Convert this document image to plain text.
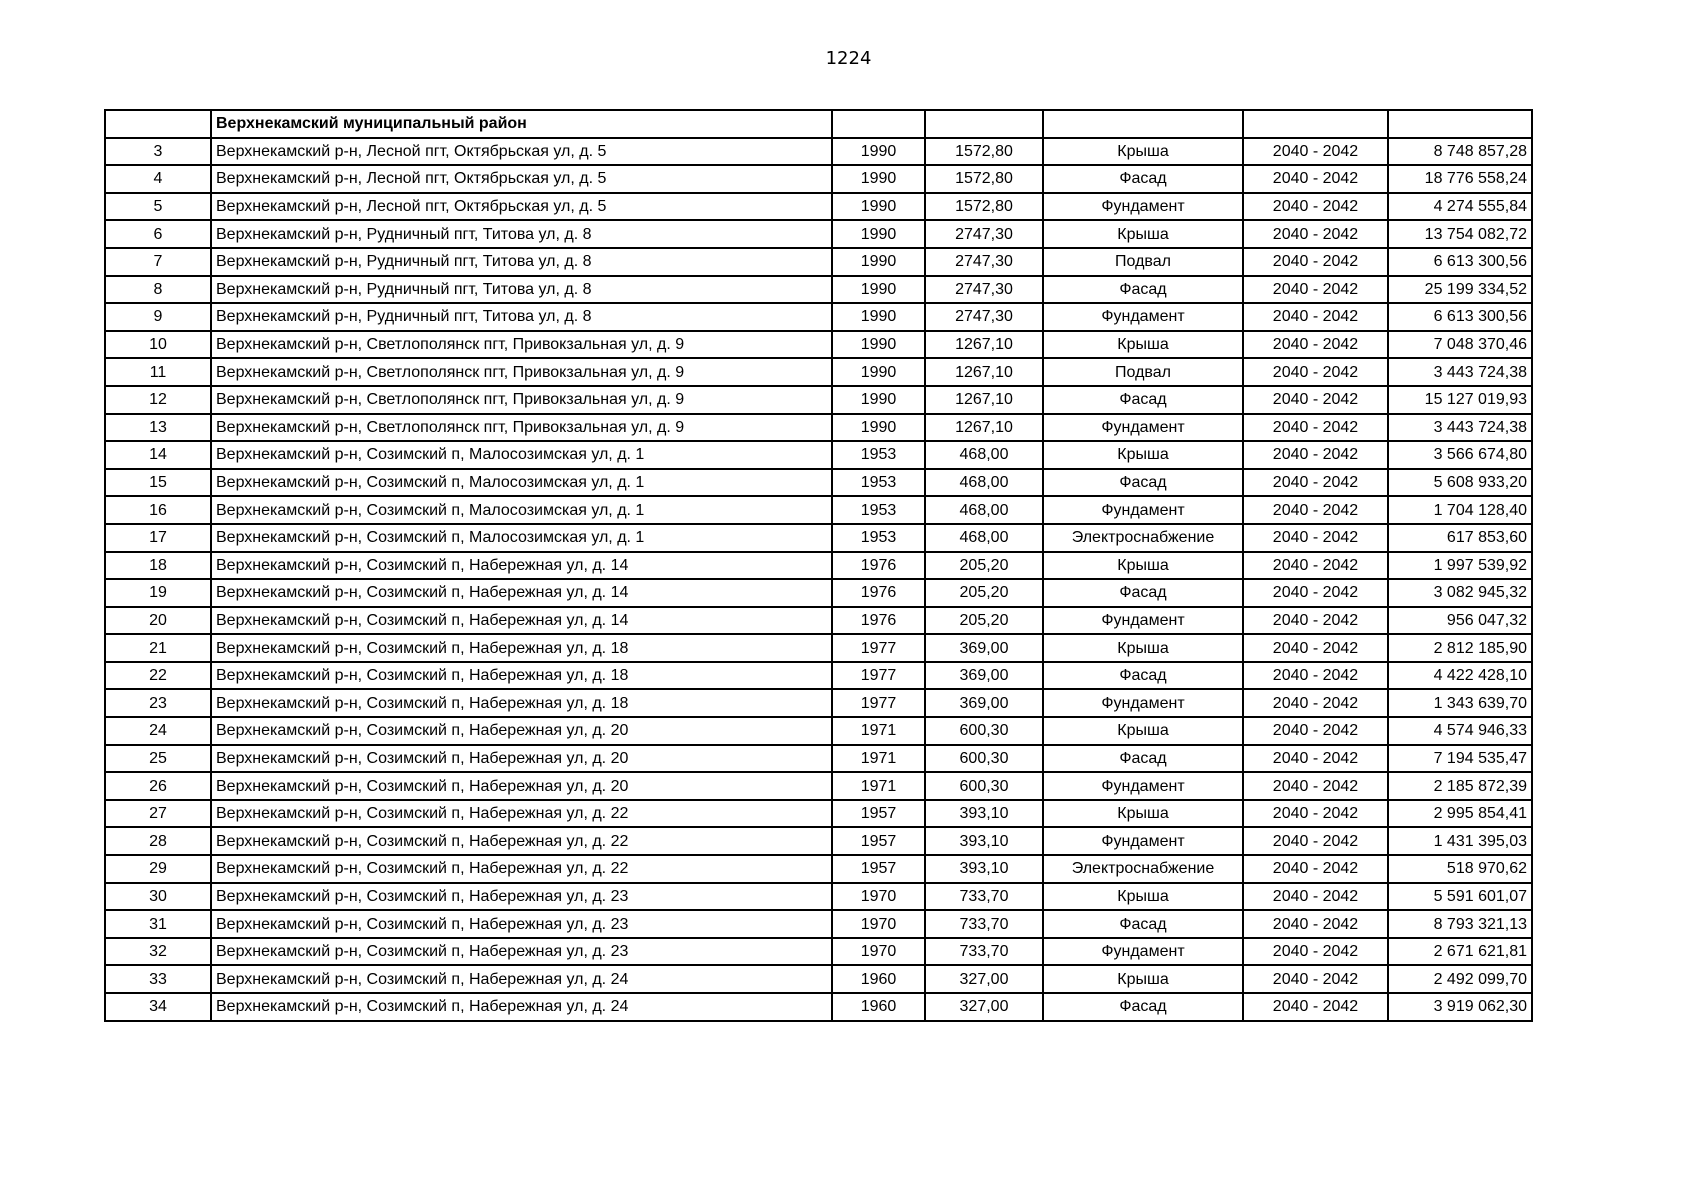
1224
	Верхнекамский муниципальный район					
3	Верхнекамский р-н, Лесной пгт, Октябрьская ул, д. 5	1990	1572,80	Крыша	2040 - 2042	8 748 857,28
4	Верхнекамский р-н, Лесной пгт, Октябрьская ул, д. 5	1990	1572,80	Фасад	2040 - 2042	18 776 558,24
5	Верхнекамский р-н, Лесной пгт, Октябрьская ул, д. 5	1990	1572,80	Фундамент	2040 - 2042	4 274 555,84
6	Верхнекамский р-н, Рудничный пгт, Титова ул, д. 8	1990	2747,30	Крыша	2040 - 2042	13 754 082,72
7	Верхнекамский р-н, Рудничный пгт, Титова ул, д. 8	1990	2747,30	Подвал	2040 - 2042	6 613 300,56
8	Верхнекамский р-н, Рудничный пгт, Титова ул, д. 8	1990	2747,30	Фасад	2040 - 2042	25 199 334,52
9	Верхнекамский р-н, Рудничный пгт, Титова ул, д. 8	1990	2747,30	Фундамент	2040 - 2042	6 613 300,56
10	Верхнекамский р-н, Светлополянск пгт, Привокзальная ул, д. 9	1990	1267,10	Крыша	2040 - 2042	7 048 370,46
11	Верхнекамский р-н, Светлополянск пгт, Привокзальная ул, д. 9	1990	1267,10	Подвал	2040 - 2042	3 443 724,38
12	Верхнекамский р-н, Светлополянск пгт, Привокзальная ул, д. 9	1990	1267,10	Фасад	2040 - 2042	15 127 019,93
13	Верхнекамский р-н, Светлополянск пгт, Привокзальная ул, д. 9	1990	1267,10	Фундамент	2040 - 2042	3 443 724,38
14	Верхнекамский р-н, Созимский п, Малосозимская ул, д. 1	1953	468,00	Крыша	2040 - 2042	3 566 674,80
15	Верхнекамский р-н, Созимский п, Малосозимская ул, д. 1	1953	468,00	Фасад	2040 - 2042	5 608 933,20
16	Верхнекамский р-н, Созимский п, Малосозимская ул, д. 1	1953	468,00	Фундамент	2040 - 2042	1 704 128,40
17	Верхнекамский р-н, Созимский п, Малосозимская ул, д. 1	1953	468,00	Электроснабжение	2040 - 2042	617 853,60
18	Верхнекамский р-н, Созимский п, Набережная ул, д. 14	1976	205,20	Крыша	2040 - 2042	1 997 539,92
19	Верхнекамский р-н, Созимский п, Набережная ул, д. 14	1976	205,20	Фасад	2040 - 2042	3 082 945,32
20	Верхнекамский р-н, Созимский п, Набережная ул, д. 14	1976	205,20	Фундамент	2040 - 2042	956 047,32
21	Верхнекамский р-н, Созимский п, Набережная ул, д. 18	1977	369,00	Крыша	2040 - 2042	2 812 185,90
22	Верхнекамский р-н, Созимский п, Набережная ул, д. 18	1977	369,00	Фасад	2040 - 2042	4 422 428,10
23	Верхнекамский р-н, Созимский п, Набережная ул, д. 18	1977	369,00	Фундамент	2040 - 2042	1 343 639,70
24	Верхнекамский р-н, Созимский п, Набережная ул, д. 20	1971	600,30	Крыша	2040 - 2042	4 574 946,33
25	Верхнекамский р-н, Созимский п, Набережная ул, д. 20	1971	600,30	Фасад	2040 - 2042	7 194 535,47
26	Верхнекамский р-н, Созимский п, Набережная ул, д. 20	1971	600,30	Фундамент	2040 - 2042	2 185 872,39
27	Верхнекамский р-н, Созимский п, Набережная ул, д. 22	1957	393,10	Крыша	2040 - 2042	2 995 854,41
28	Верхнекамский р-н, Созимский п, Набережная ул, д. 22	1957	393,10	Фундамент	2040 - 2042	1 431 395,03
29	Верхнекамский р-н, Созимский п, Набережная ул, д. 22	1957	393,10	Электроснабжение	2040 - 2042	518 970,62
30	Верхнекамский р-н, Созимский п, Набережная ул, д. 23	1970	733,70	Крыша	2040 - 2042	5 591 601,07
31	Верхнекамский р-н, Созимский п, Набережная ул, д. 23	1970	733,70	Фасад	2040 - 2042	8 793 321,13
32	Верхнекамский р-н, Созимский п, Набережная ул, д. 23	1970	733,70	Фундамент	2040 - 2042	2 671 621,81
33	Верхнекамский р-н, Созимский п, Набережная ул, д. 24	1960	327,00	Крыша	2040 - 2042	2 492 099,70
34	Верхнекамский р-н, Созимский п, Набережная ул, д. 24	1960	327,00	Фасад	2040 - 2042	3 919 062,30
